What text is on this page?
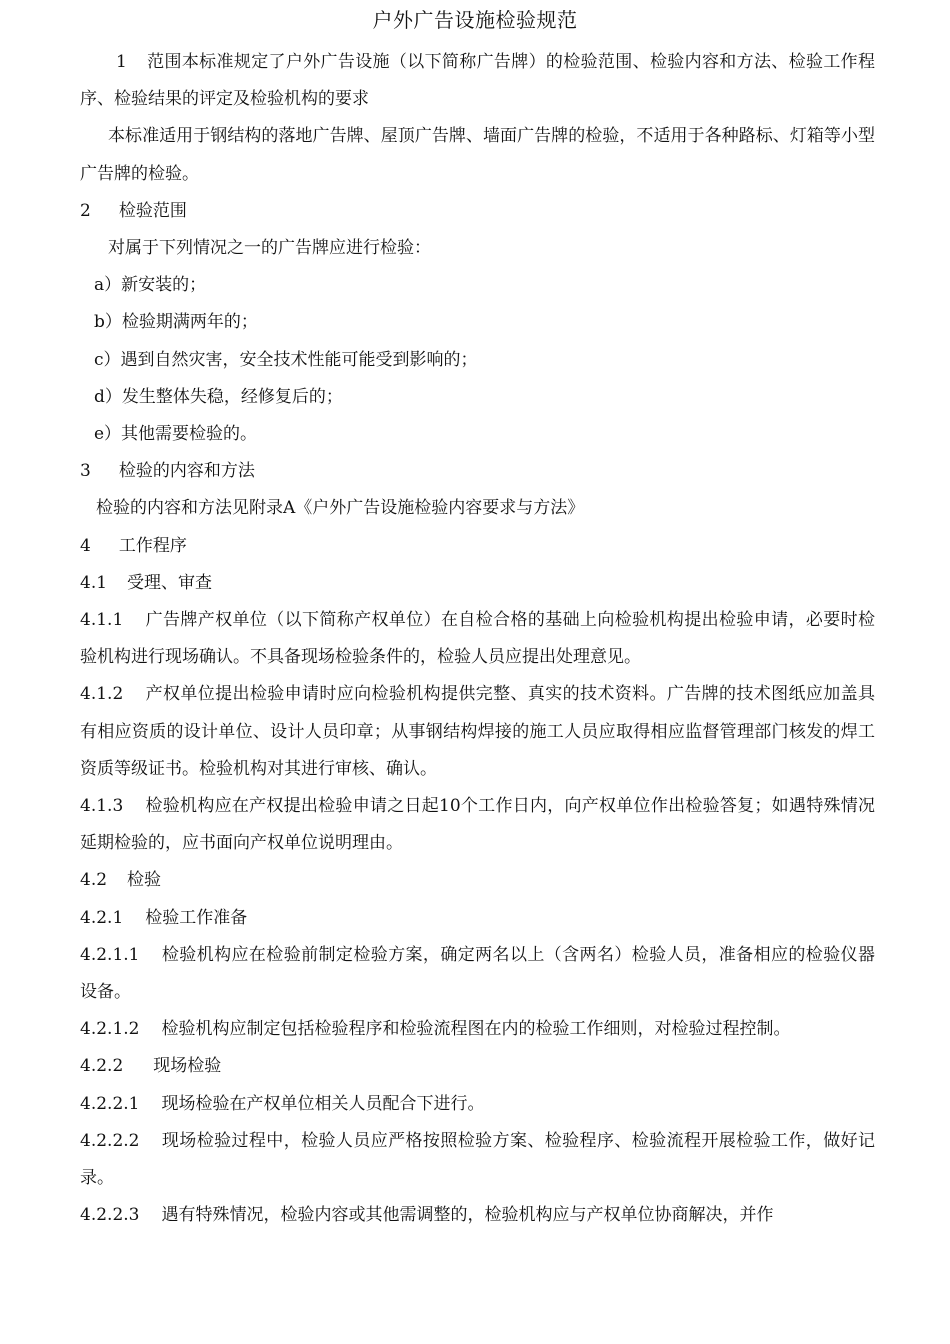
户外广告设施检验规范

1 范围本标准规定了户外广告设施（以下简称广告牌）的检验范围、检验内容和方法、检验工作程序、检验结果的评定及检验机构的要求

本标准适用于钢结构的落地广告牌、屋顶广告牌、墙面广告牌的检验，不适用于各种路标、灯箱等小型广告牌的检验。

2 检验范围

对属于下列情况之一的广告牌应进行检验：

a）新安装的；

b）检验期满两年的；

c）遇到自然灾害，安全技术性能可能受到影响的；

d）发生整体失稳，经修复后的；

e）其他需要检验的。

3 检验的内容和方法

检验的内容和方法见附录A《户外广告设施检验内容要求与方法》

4 工作程序

4.1 受理、审查

4.1.1 广告牌产权单位（以下简称产权单位）在自检合格的基础上向检验机构提出检验申请，必要时检验机构进行现场确认。不具备现场检验条件的，检验人员应提出处理意见。

4.1.2 产权单位提出检验申请时应向检验机构提供完整、真实的技术资料。广告牌的技术图纸应加盖具有相应资质的设计单位、设计人员印章；从事钢结构焊接的施工人员应取得相应监督管理部门核发的焊工资质等级证书。检验机构对其进行审核、确认。

4.1.3 检验机构应在产权提出检验申请之日起10个工作日内，向产权单位作出检验答复；如遇特殊情况延期检验的，应书面向产权单位说明理由。

4.2 检验

4.2.1 检验工作准备

4.2.1.1 检验机构应在检验前制定检验方案，确定两名以上（含两名）检验人员，准备相应的检验仪器设备。

4.2.1.2 检验机构应制定包括检验程序和检验流程图在内的检验工作细则，对检验过程控制。

4.2.2 现场检验

4.2.2.1 现场检验在产权单位相关人员配合下进行。

4.2.2.2 现场检验过程中，检验人员应严格按照检验方案、检验程序、检验流程开展检验工作，做好记录。

4.2.2.3 遇有特殊情况，检验内容或其他需调整的，检验机构应与产权单位协商解决，并作
